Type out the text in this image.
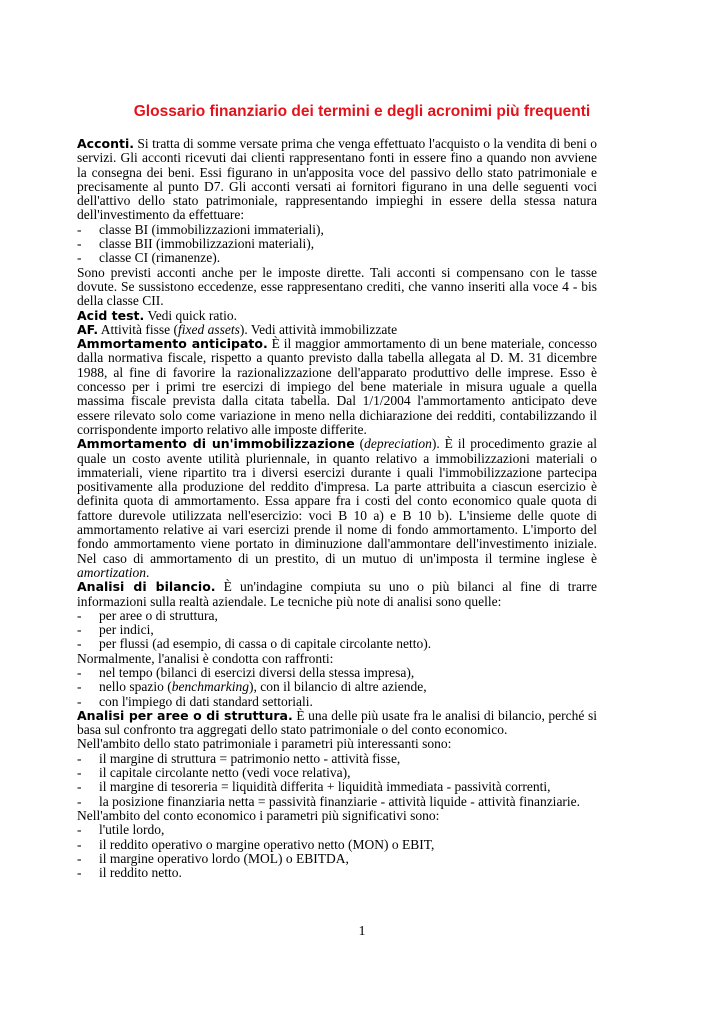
Glossario finanziario dei termini e degli acronimi più frequenti

Acconti. Si tratta di somme versate prima che venga effettuato l'acquisto o la vendita di beni o servizi. Gli acconti ricevuti dai clienti rappresentano fonti in essere fino a quando non avviene la consegna dei beni. Essi figurano in un'apposita voce del passivo dello stato patrimoniale e precisamente al punto D7. Gli acconti versati ai fornitori figurano in una delle seguenti voci dell'attivo dello stato patrimoniale, rappresentando impieghi in essere della stessa natura dell'investimento da effettuare:

- classe BI (immobilizzazioni immateriali),

- classe BII (immobilizzazioni materiali),

- classe CI (rimanenze).

Sono previsti acconti anche per le imposte dirette. Tali acconti si compensano con le tasse dovute. Se sussistono eccedenze, esse rappresentano crediti, che vanno inseriti alla voce 4 - bis della classe CII.

Acid test. Vedi quick ratio.

AF. Attività fisse (fixed assets). Vedi attività immobilizzate

Ammortamento anticipato. È il maggior ammortamento di un bene materiale, concesso dalla normativa fiscale, rispetto a quanto previsto dalla tabella allegata al D. M. 31 dicembre 1988, al fine di favorire la razionalizzazione dell'apparato produttivo delle imprese. Esso è concesso per i primi tre esercizi di impiego del bene materiale in misura uguale a quella massima fiscale prevista dalla citata tabella. Dal 1/1/2004 l'ammortamento anticipato deve essere rilevato solo come variazione in meno nella dichiarazione dei redditi, contabilizzando il corrispondente importo relativo alle imposte differite.

Ammortamento di un'immobilizzazione (depreciation). È il procedimento grazie al quale un costo avente utilità pluriennale, in quanto relativo a immobilizzazioni materiali o immateriali, viene ripartito tra i diversi esercizi durante i quali l'immobilizzazione partecipa positivamente alla produzione del reddito d'impresa. La parte attribuita a ciascun esercizio è definita quota di ammortamento. Essa appare fra i costi del conto economico quale quota di fattore durevole utilizzata nell'esercizio: voci B 10 a) e B 10 b). L'insieme delle quote di ammortamento relative ai vari esercizi prende il nome di fondo ammortamento. L'importo del fondo ammortamento viene portato in diminuzione dall'ammontare dell'investimento iniziale. Nel caso di ammortamento di un prestito, di un mutuo di un'imposta il termine inglese è amortization.

Analisi di bilancio. È un'indagine compiuta su uno o più bilanci al fine di trarre informazioni sulla realtà aziendale. Le tecniche più note di analisi sono quelle:

- per aree o di struttura,

- per indici,

- per flussi (ad esempio, di cassa o di capitale circolante netto).

Normalmente, l'analisi è condotta con raffronti:

- nel tempo (bilanci di esercizi diversi della stessa impresa),

- nello spazio (benchmarking), con il bilancio di altre aziende,

- con l'impiego di dati standard settoriali.

Analisi per aree o di struttura. È una delle più usate fra le analisi di bilancio, perché si basa sul confronto tra aggregati dello stato patrimoniale o del conto economico.

Nell'ambito dello stato patrimoniale i parametri più interessanti sono:

- il margine di struttura = patrimonio netto - attività fisse,

- il capitale circolante netto (vedi voce relativa),

- il margine di tesoreria = liquidità differita + liquidità immediata - passività correnti,

- la posizione finanziaria netta = passività finanziarie - attività liquide - attività finanziarie.

Nell'ambito del conto economico i parametri più significativi sono:

- l'utile lordo,

- il reddito operativo o margine operativo netto (MON) o EBIT,

- il margine operativo lordo (MOL) o EBITDA,

- il reddito netto.

1
